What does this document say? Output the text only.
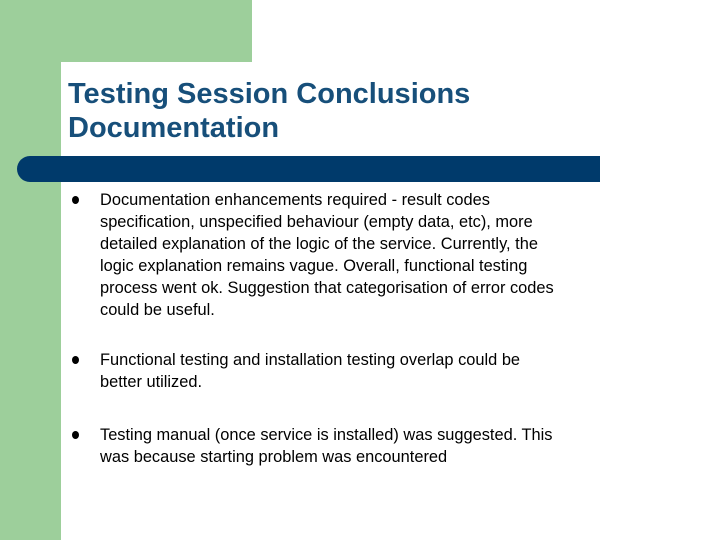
Testing Session Conclusions
Documentation
Documentation enhancements required - result codes
specification, unspecified behaviour (empty data, etc), more
detailed explanation of the logic of the service. Currently, the
logic explanation remains vague. Overall, functional testing
process went ok. Suggestion that categorisation of error codes
could be useful.
Functional testing and installation testing overlap could be
better utilized.
Testing manual (once service is installed) was suggested. This
was because starting problem was encountered
